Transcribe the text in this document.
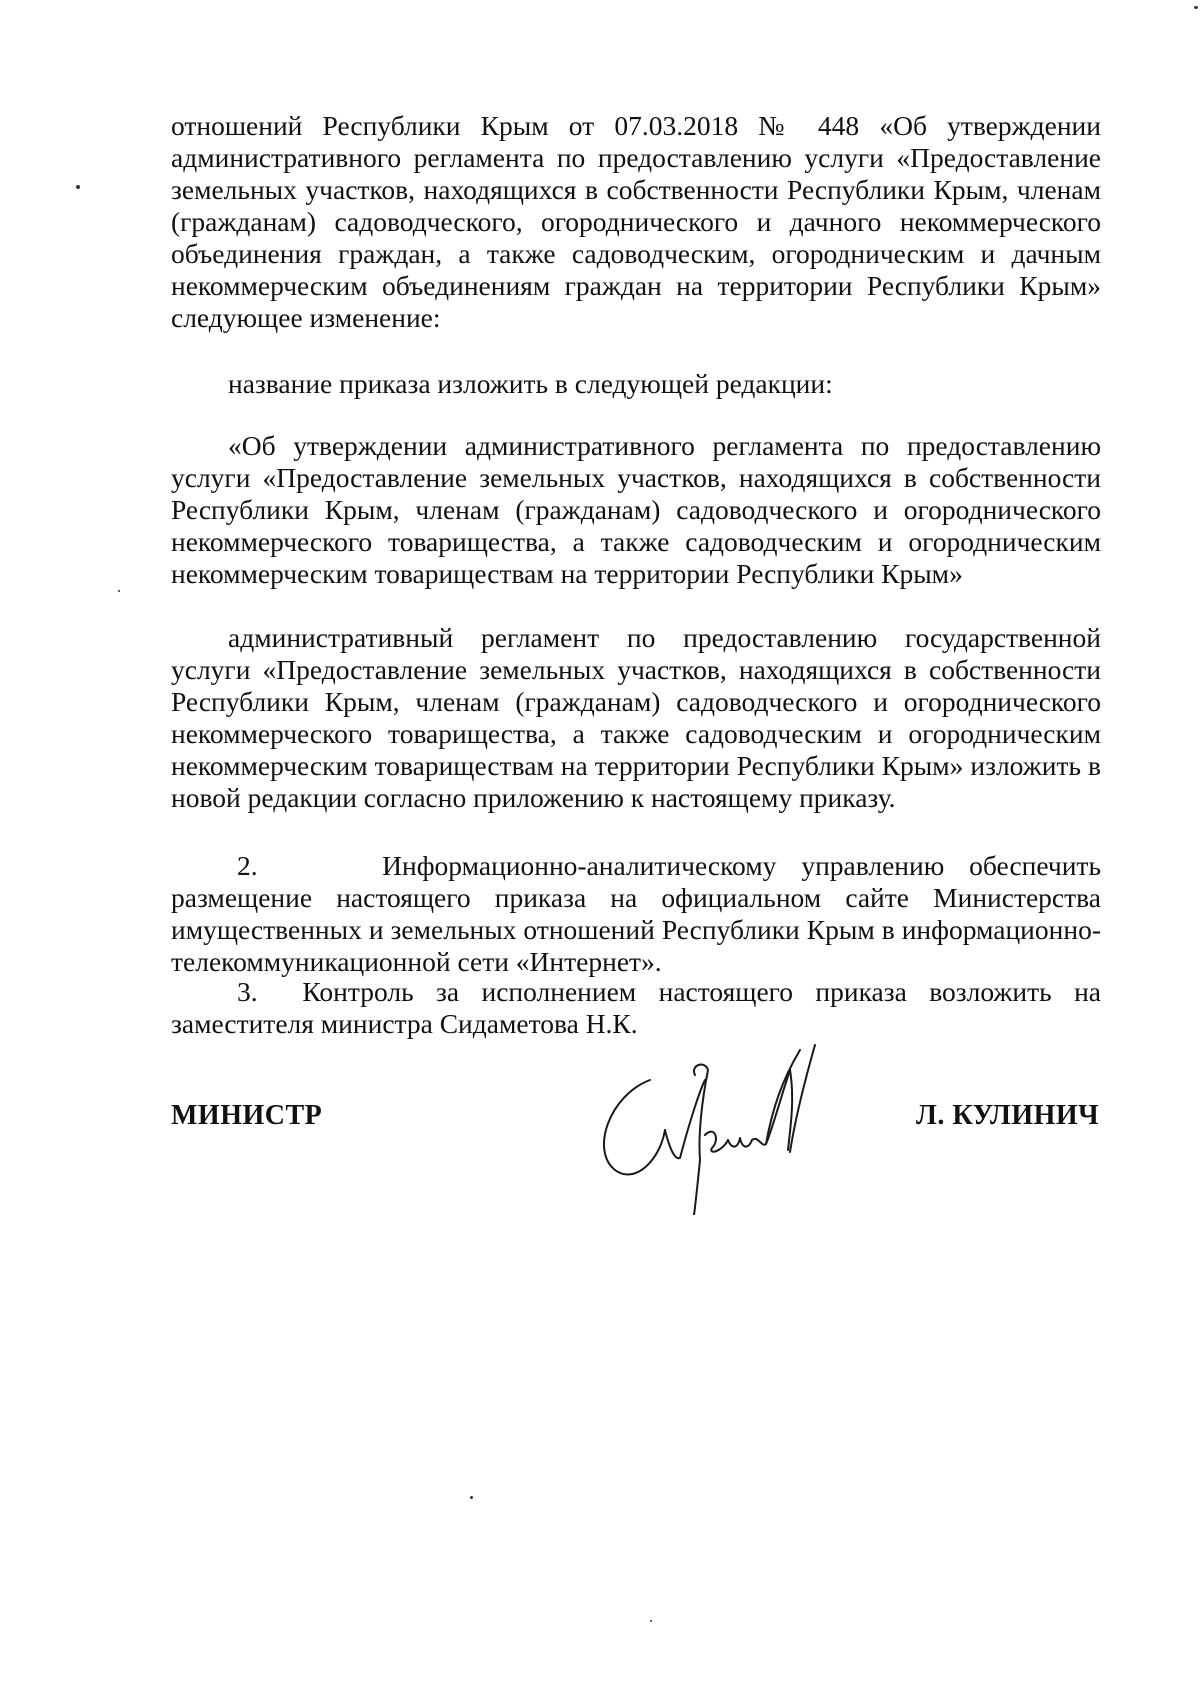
отношений Республики Крым от 07.03.2018 № 448 «Об утверждении административного регламента по предоставлению услуги «Предоставление земельных участков, находящихся в собственности Республики Крым, членам (гражданам) садоводческого, огороднического и дачного некоммерческого объединения граждан, а также садоводческим, огородническим и дачным некоммерческим объединениям граждан на территории Республики Крым» следующее изменение:

название приказа изложить в следующей редакции:

«Об утверждении административного регламента по предоставлению услуги «Предоставление земельных участков, находящихся в собственности Республики Крым, членам (гражданам) садоводческого и огороднического некоммерческого товарищества, а также садоводческим и огородническим некоммерческим товариществам на территории Республики Крым»

административный регламент по предоставлению государственной услуги «Предоставление земельных участков, находящихся в собственности Республики Крым, членам (гражданам) садоводческого и огороднического некоммерческого товарищества, а также садоводческим и огородническим некоммерческим товариществам на территории Республики Крым» изложить в новой редакции согласно приложению к настоящему приказу.

2.     Информационно-аналитическому управлению обеспечить размещение настоящего приказа на официальном сайте Министерства имущественных и земельных отношений Республики Крым в информационно-телекоммуникационной сети «Интернет».

3.  Контроль за исполнением настоящего приказа возложить на заместителя министра Сидаметова Н.К.

МИНИСТР	Л. КУЛИНИЧ
